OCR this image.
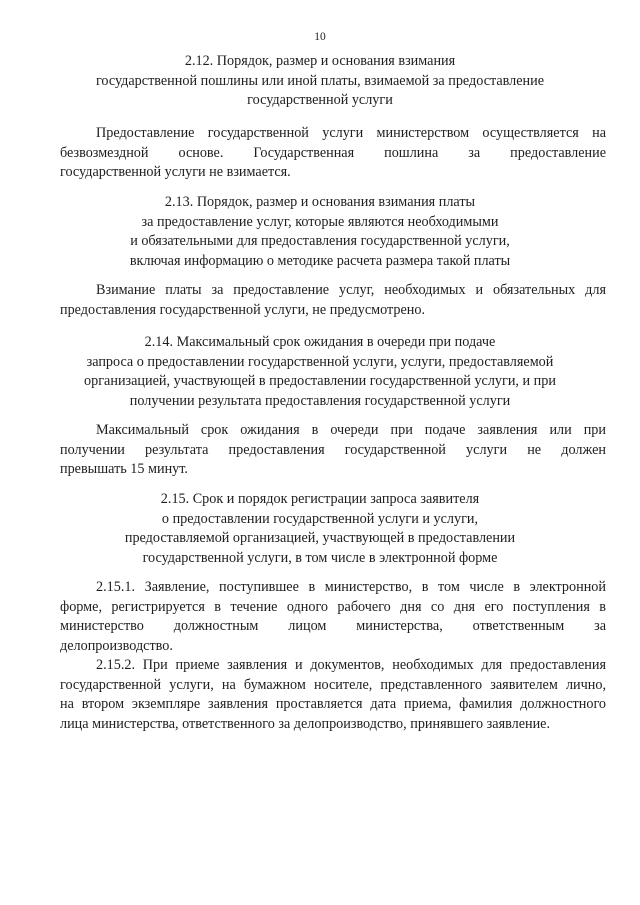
10
2.12. Порядок, размер и основания взимания
государственной пошлины или иной платы, взимаемой за предоставление
государственной услуги
Предоставление государственной услуги министерством осуществляется на
безвозмездной основе. Государственная пошлина за предоставление
государственной услуги не взимается.
2.13. Порядок, размер и основания взимания платы
за предоставление услуг, которые являются необходимыми
и обязательными для предоставления государственной услуги,
включая информацию о методике расчета размера такой платы
Взимание платы за предоставление услуг, необходимых и обязательных для
предоставления государственной услуги, не предусмотрено.
2.14. Максимальный срок ожидания в очереди при подаче
запроса о предоставлении государственной услуги, услуги, предоставляемой
организацией, участвующей в предоставлении государственной услуги, и при
получении результата предоставления государственной услуги
Максимальный срок ожидания в очереди при подаче заявления или при
получении результата предоставления государственной услуги не должен
превышать 15 минут.
2.15. Срок и порядок регистрации запроса заявителя
о предоставлении государственной услуги и услуги,
предоставляемой организацией, участвующей в предоставлении
государственной услуги, в том числе в электронной форме
2.15.1. Заявление, поступившее в министерство, в том числе в электронной
форме, регистрируется в течение одного рабочего дня со дня его поступления в
министерство должностным лицом министерства, ответственным за
делопроизводство.
2.15.2. При приеме заявления и документов, необходимых для предоставления
государственной услуги, на бумажном носителе, представленного заявителем лично,
на втором экземпляре заявления проставляется дата приема, фамилия должностного
лица министерства, ответственного за делопроизводство, принявшего заявление.
